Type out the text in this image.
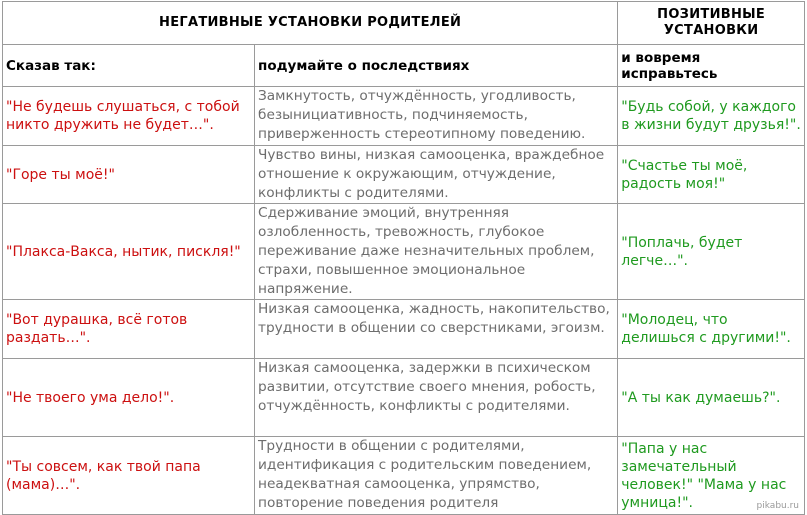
НЕГАТИВНЫЕ УСТАНОВКИ РОДИТЕЛЕЙ		ПОЗИТИВНЫЕ УСТАНОВКИ
Сказав так:	подумайте о последствиях	и вовремя исправьтесь
"Не будешь слушаться, с тобой никто дружить не будет…".	Замкнутость, отчуждённость, угодливость, безынициативность, подчиняемость, приверженность стереотипному поведению.	"Будь собой, у каждого в жизни будут друзья!".
"Горе ты моё!"	Чувство вины, низкая самооценка, враждебное отношение к окружающим, отчуждение, конфликты с родителями.	"Счастье ты моё, радость моя!"
"Плакса-Вакса, нытик, пискля!"	Сдерживание эмоций, внутренняя озлобленность, тревожность, глубокое переживание даже незначительных проблем, страхи, повышенное эмоциональное напряжение.	"Поплачь, будет легче…".
"Вот дурашка, всё готов раздать…".	Низкая самооценка, жадность, накопительство, трудности в общении со сверстниками, эгоизм.	"Молодец, что делишься с другими!".
"Не твоего ума дело!".	Низкая самооценка, задержки в психическом развитии, отсутствие своего мнения, робость, отчуждённость, конфликты с родителями.	"А ты как думаешь?".
"Ты совсем, как твой папа (мама)…".	Трудности в общении с родителями, идентификация с родительским поведением, неадекватная самооценка, упрямство, повторение поведения родителя	"Папа у нас замечательный человек!" "Мама у нас умница!".	pikabu.ru
